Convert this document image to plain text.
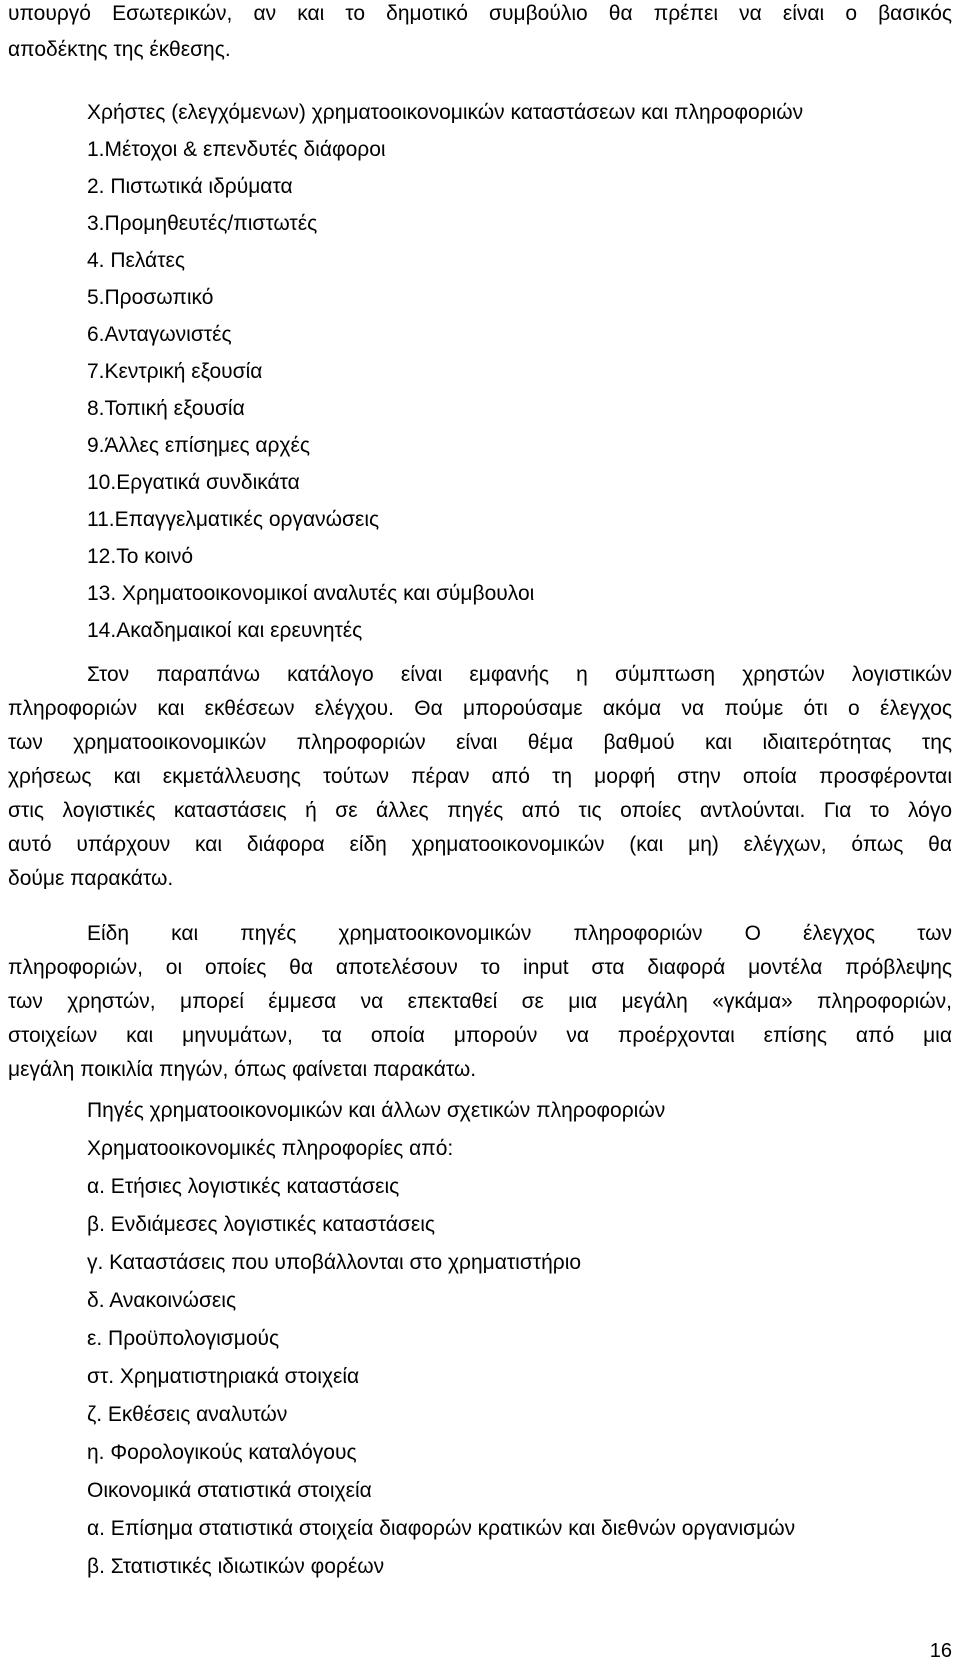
υπουργό Εσωτερικών, αν και το δημοτικό συμβούλιο θα πρέπει να είναι ο βασικός
αποδέκτης της έκθεσης.
Χρήστες (ελεγχόμενων) χρηματοοικονομικών καταστάσεων και πληροφοριών
1.Μέτοχοι & επενδυτές διάφοροι
2. Πιστωτικά ιδρύματα
3.Προμηθευτές/πιστωτές
4. Πελάτες
5.Προσωπικό
6.Ανταγωνιστές
7.Κεντρική εξουσία
8.Τοπική εξουσία
9.Άλλες επίσημες αρχές
10.Εργατικά συνδικάτα
11.Επαγγελματικές οργανώσεις
12.Το κοινό
13. Χρηματοοικονομικοί αναλυτές και σύμβουλοι
14.Ακαδημαικοί και ερευνητές
Στον παραπάνω κατάλογο είναι εμφανής η σύμπτωση χρηστών λογιστικών
πληροφοριών και εκθέσεων ελέγχου. Θα μπορούσαμε ακόμα να πούμε ότι ο έλεγχος
των χρηματοοικονομικών πληροφοριών είναι θέμα βαθμού και ιδιαιτερότητας της
χρήσεως και εκμετάλλευσης τούτων πέραν από τη μορφή στην οποία προσφέρονται
στις λογιστικές καταστάσεις ή σε άλλες πηγές από τις οποίες αντλούνται. Για το λόγο
αυτό υπάρχουν και διάφορα είδη χρηματοοικονομικών (και μη) ελέγχων, όπως θα
δούμε παρακάτω.
Είδη και πηγές χρηματοοικονομικών πληροφοριών Ο έλεγχος των
πληροφοριών, οι οποίες θα αποτελέσουν το input στα διαφορά μοντέλα πρόβλεψης
των χρηστών, μπορεί έμμεσα να επεκταθεί σε μια μεγάλη «γκάμα» πληροφοριών,
στοιχείων και μηνυμάτων, τα οποία μπορούν να προέρχονται επίσης από μια
μεγάλη ποικιλία πηγών, όπως φαίνεται παρακάτω.
Πηγές χρηματοοικονομικών και άλλων σχετικών πληροφοριών
Χρηματοοικονομικές πληροφορίες από:
α. Ετήσιες λογιστικές καταστάσεις
β. Ενδιάμεσες λογιστικές καταστάσεις
γ. Καταστάσεις που υποβάλλονται στο χρηματιστήριο
δ. Ανακοινώσεις
ε. Προϋπολογισμούς
στ. Χρηματιστηριακά στοιχεία
ζ. Εκθέσεις αναλυτών
η. Φορολογικούς καταλόγους
Οικονομικά στατιστικά στοιχεία
α. Επίσημα στατιστικά στοιχεία διαφορών κρατικών και διεθνών οργανισμών
β. Στατιστικές ιδιωτικών φορέων
16
